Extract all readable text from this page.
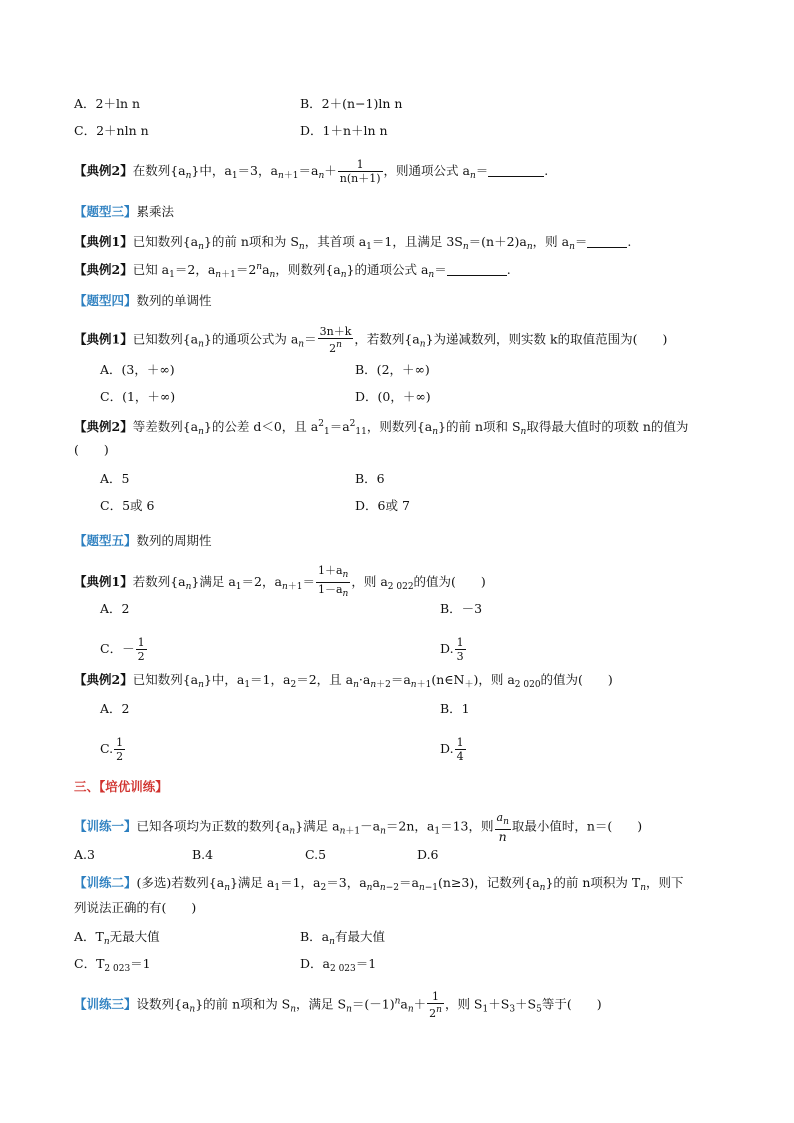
A．2＋ln n	B．2＋(n−1)ln n
C．2＋nln n	D．1＋n＋ln n
【典例2】在数列$\{a_n\}$中，$a_1=3$，$a_{n+1}=a_n+ \frac{1}{n(n+1)}$ ，则通项公式 $a_n=$	.
【题型三】累乘法
【典例1】已知数列$\{a_n\}$的前 n项和为 $S_n$，其首项 $a_1=1$，且满足 $3S_n=(n+2)a_n$，则 $a_n=$	.
【典例2】已知 $a_1=2$，$a_{n+1}=2^na_n$，则数列$\{a_n\}$的通项公式 $a_n=$	.
【题型四】数列的单调性
【典例1】已知数列$\{a_n\}$的通项公式为 $a_n= \frac{3n+k}{2^n}$ ，若数列$\{a_n\}$为递减数列，则实数 k的取值范围为(　　)
A．(3，＋∞)	B．(2，＋∞)
C．(1，＋∞)	D．(0，＋∞)
【典例2】等差数列$\{a_n\}$的公差 d＜0，且 $a^2_1=a^2_{11}$，则数列$\{a_n\}$的前 n项和 $S_n$取得最大值时的项数 n的值为
(　　)
A．5	B．6
C．5或 6	D．6或 7
【题型五】数列的周期性
【典例1】若数列$\{a_n\}$满足 $a_1=2$，$a_{n+1}= \frac{1+a_n}{1-a_n}$ ，则 $a_{2 022}$的值为(　　)
A．2	B．－3
C．－ $\frac{1}{2}$	D. $\frac{1}{3}$
【典例2】已知数列$\{a_n\}$中，$a_1=1$，$a_2=2$，且 $a_n\cdot a_{n+2}=a_{n+1}(n\in N_+)$，则 $a_{2 020}$的值为(　　)
A．2	B．1
C. $\frac{1}{2}$	D. $\frac{1}{4}$
三、【培优训练】
【训练一】已知各项均为正数的数列$\{a_n\}$满足 $a_{n+1}-a_n=2n$，$a_1=13$，则 $\frac{a_n}{n}$取最小值时，n＝(　　)
A.3	B.4	C.5	D.6
【训练二】(多选)若数列$\{a_n\}$满足 $a_1=1$，$a_2=3$，$a_na_{n-2}=a_{n-1}(n\ge 3)$，记数列$\{a_n\}$的前 n项积为 $T_n$，则下
列说法正确的有(　　)
A．$T_n$无最大值	B．$a_n$有最大值
C．$T_{2 023}=1$	D．$a_{2 023}=1$
【训练三】设数列$\{a_n\}$的前 n项和为 $S_n$，满足 $S_n=(-1)^na_n+ \frac{1}{2^n}$ ，则 $S_1+S_3+S_5$等于(　　)
